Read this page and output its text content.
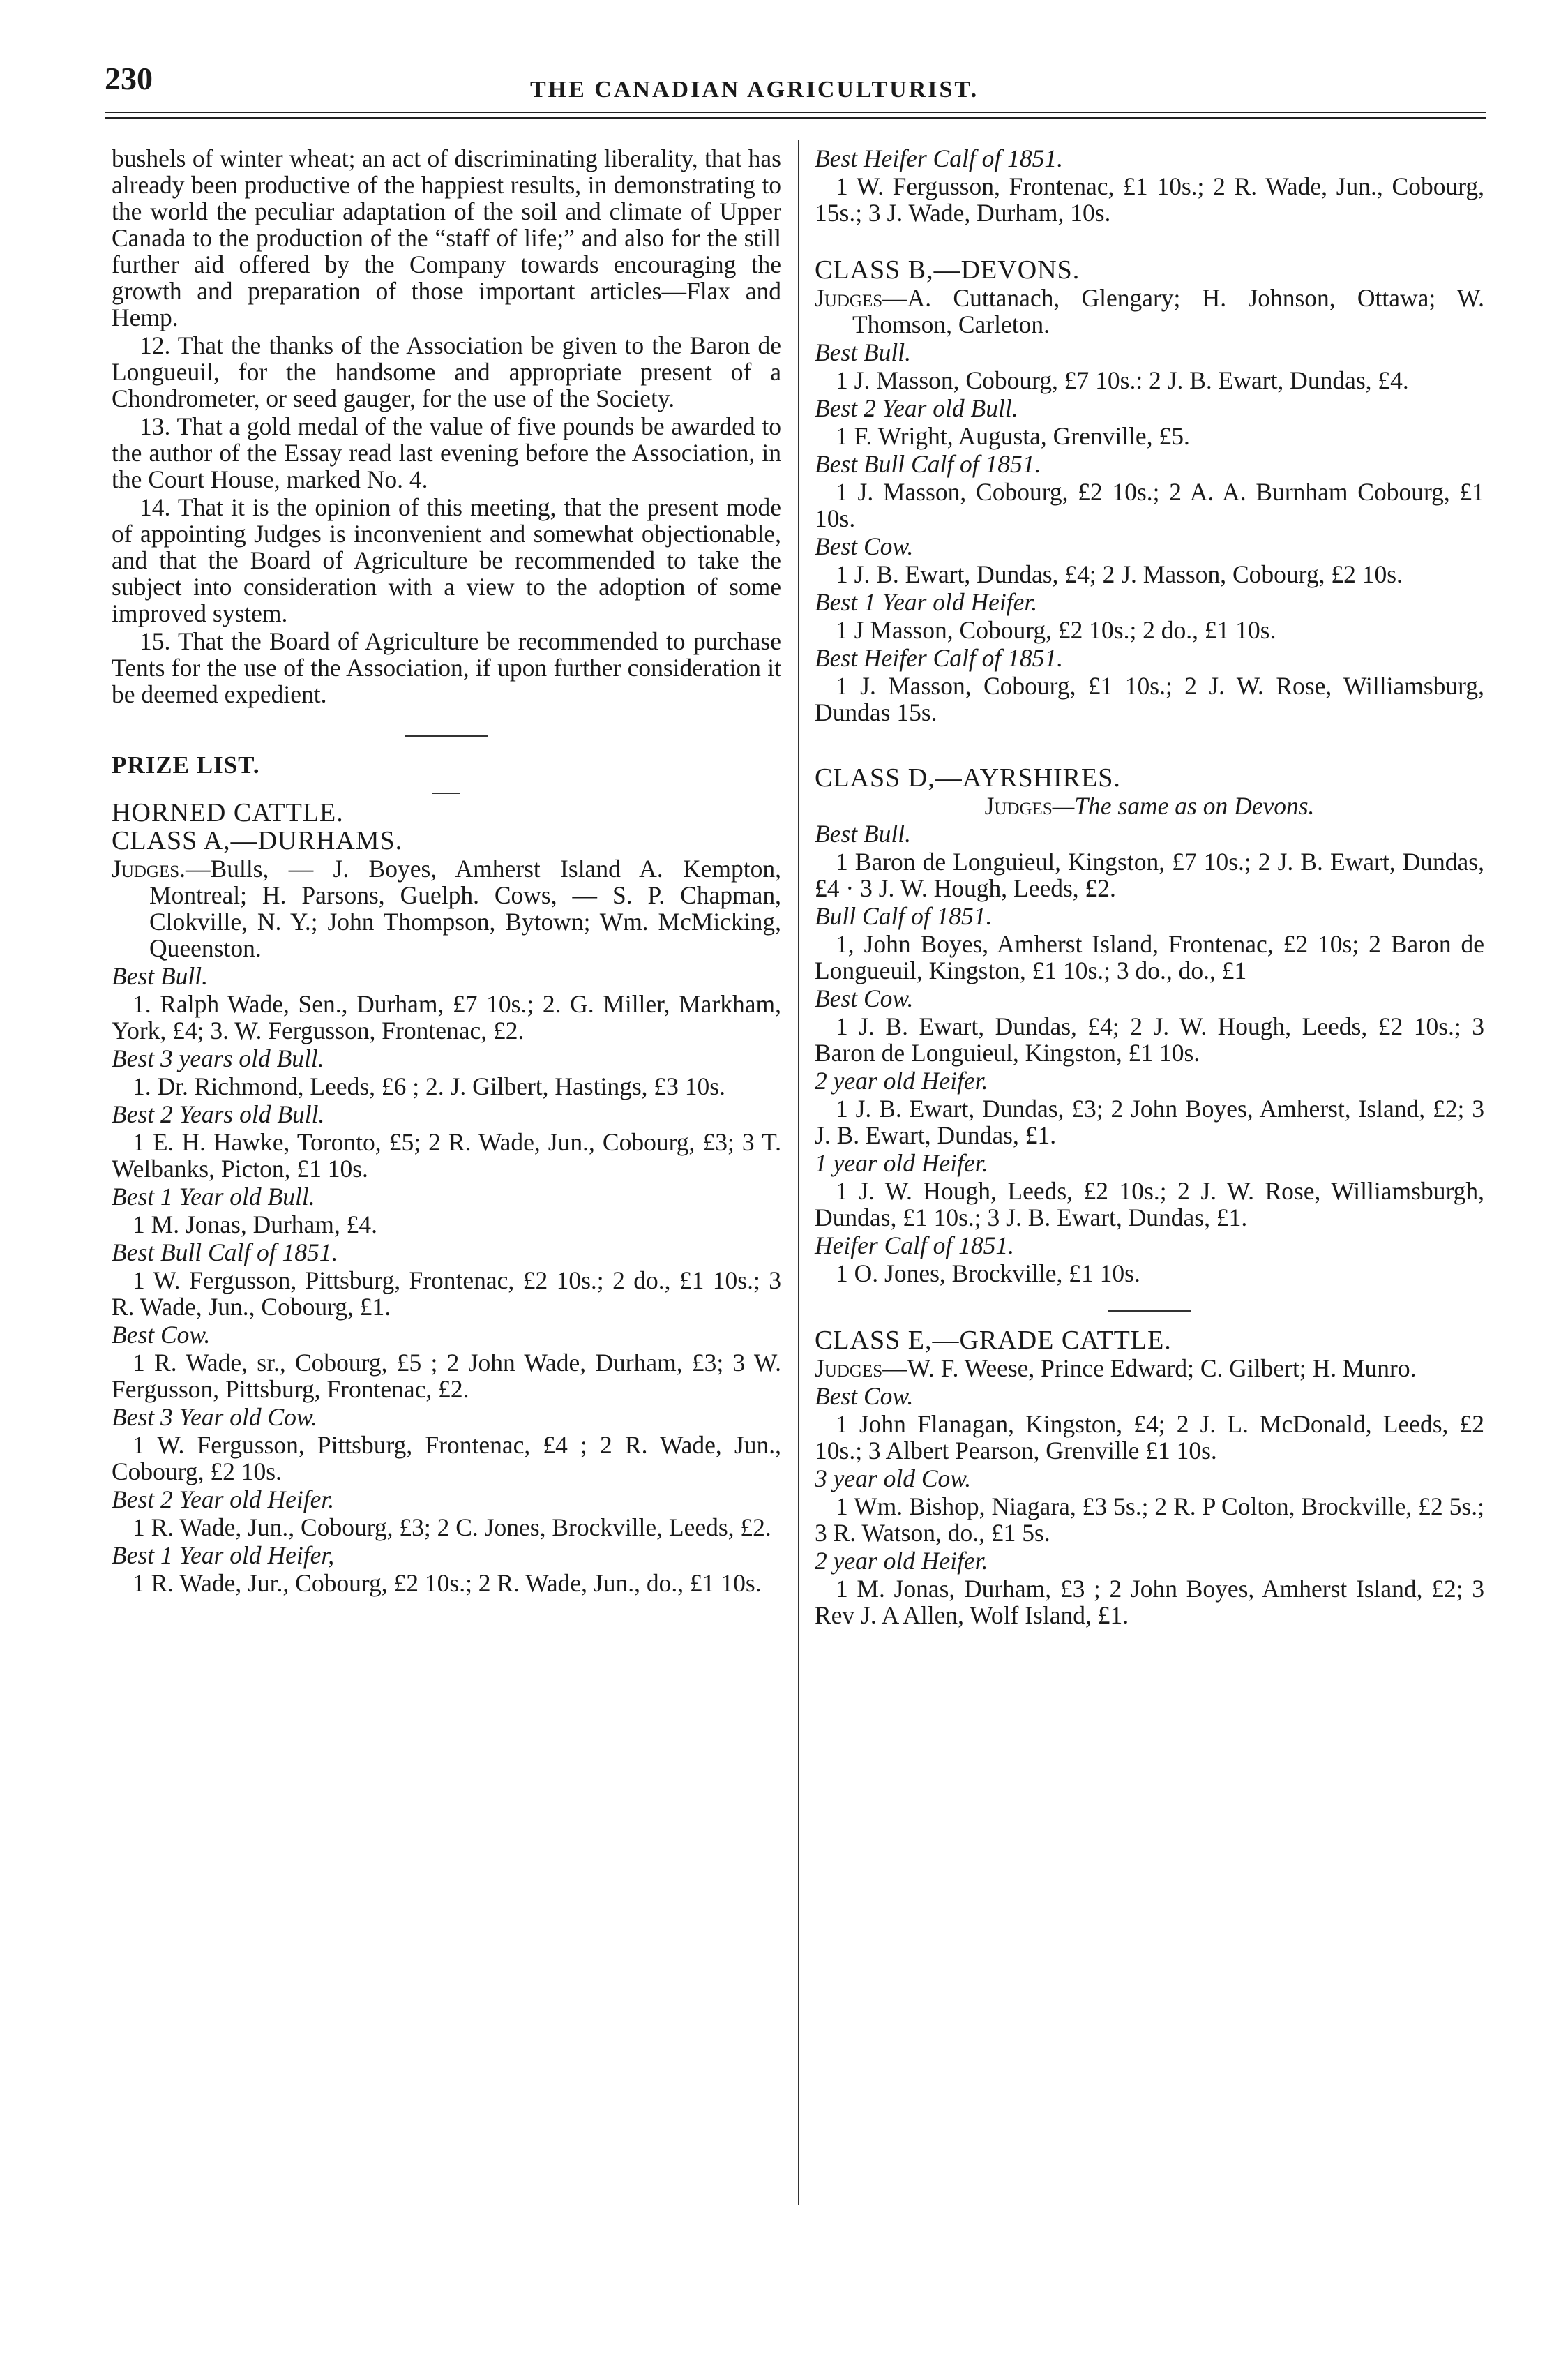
230	THE CANADIAN AGRICULTURIST.

bushels of winter wheat; an act of discriminating liberality, that has already been productive of the happiest results, in demonstrating to the world the peculiar adaptation of the soil and climate of Upper Canada to the production of the “staff of life;” and also for the still further aid offered by the Company towards encouraging the growth and preparation of those important articles—Flax and Hemp.

12. That the thanks of the Association be given to the Baron de Longueuil, for the handsome and appropriate present of a Chondrometer, or seed gauger, for the use of the Society.

13. That a gold medal of the value of five pounds be awarded to the author of the Essay read last evening before the Association, in the Court House, marked No. 4.

14. That it is the opinion of this meeting, that the present mode of appointing Judges is inconvenient and somewhat objectionable, and that the Board of Agriculture be recommended to take the subject into consideration with a view to the adoption of some improved system.

15. That the Board of Agriculture be recommended to purchase Tents for the use of the Association, if upon further consideration it be deemed expedient.

PRIZE LIST.

HORNED CATTLE.

CLASS A,—DURHAMS.

Judges.—Bulls, — J. Boyes, Amherst Island A. Kempton, Montreal; H. Parsons, Guelph. Cows, — S. P. Chapman, Clokville, N. Y.; John Thompson, Bytown; Wm. McMicking, Queenston.

Best Bull.

1. Ralph Wade, Sen., Durham, £7 10s.; 2. G. Miller, Markham, York, £4; 3. W. Fergusson, Frontenac, £2.

Best 3 years old Bull.

1. Dr. Richmond, Leeds, £6 ; 2. J. Gilbert, Hastings, £3 10s.

Best 2 Years old Bull.

1 E. H. Hawke, Toronto, £5; 2 R. Wade, Jun., Cobourg, £3; 3 T. Welbanks, Picton, £1 10s.

Best 1 Year old Bull.

1 M. Jonas, Durham, £4.

Best Bull Calf of 1851.

1 W. Fergusson, Pittsburg, Frontenac, £2 10s.; 2 do., £1 10s.; 3 R. Wade, Jun., Cobourg, £1.

Best Cow.

1 R. Wade, sr., Cobourg, £5 ; 2 John Wade, Durham, £3; 3 W. Fergusson, Pittsburg, Frontenac, £2.

Best 3 Year old Cow.

1 W. Fergusson, Pittsburg, Frontenac, £4 ; 2 R. Wade, Jun., Cobourg, £2 10s.

Best 2 Year old Heifer.

1 R. Wade, Jun., Cobourg, £3; 2 C. Jones, Brockville, Leeds, £2.

Best 1 Year old Heifer,

1 R. Wade, Jur., Cobourg, £2 10s.; 2 R. Wade, Jun., do., £1 10s.

Best Heifer Calf of 1851.

1 W. Fergusson, Frontenac, £1 10s.; 2 R. Wade, Jun., Cobourg, 15s.; 3 J. Wade, Durham, 10s.

CLASS B,—DEVONS.

Judges—A. Cuttanach, Glengary; H. Johnson, Ottawa; W. Thomson, Carleton.

Best Bull.

1 J. Masson, Cobourg, £7 10s.: 2 J. B. Ewart, Dundas, £4.

Best 2 Year old Bull.

1 F. Wright, Augusta, Grenville, £5.

Best Bull Calf of 1851.

1 J. Masson, Cobourg, £2 10s.; 2 A. A. Burnham Cobourg, £1 10s.

Best Cow.

1 J. B. Ewart, Dundas, £4; 2 J. Masson, Cobourg, £2 10s.

Best 1 Year old Heifer.

1 J Masson, Cobourg, £2 10s.; 2 do., £1 10s.

Best Heifer Calf of 1851.

1 J. Masson, Cobourg, £1 10s.; 2 J. W. Rose, Williamsburg, Dundas 15s.

CLASS D,—AYRSHIRES.

Judges—The same as on Devons.

Best Bull.

1 Baron de Longuieul, Kingston, £7 10s.; 2 J. B. Ewart, Dundas, £4 · 3 J. W. Hough, Leeds, £2.

Bull Calf of 1851.

1, John Boyes, Amherst Island, Frontenac, £2 10s; 2 Baron de Longueuil, Kingston, £1 10s.; 3 do., do., £1

Best Cow.

1 J. B. Ewart, Dundas, £4; 2 J. W. Hough, Leeds, £2 10s.; 3 Baron de Longuieul, Kingston, £1 10s.

2 year old Heifer.

1 J. B. Ewart, Dundas, £3; 2 John Boyes, Amherst, Island, £2; 3 J. B. Ewart, Dundas, £1.

1 year old Heifer.

1 J. W. Hough, Leeds, £2 10s.; 2 J. W. Rose, Williamsburgh, Dundas, £1 10s.; 3 J. B. Ewart, Dundas, £1.

Heifer Calf of 1851.

1 O. Jones, Brockville, £1 10s.

CLASS E,—GRADE CATTLE.

Judges—W. F. Weese, Prince Edward; C. Gilbert; H. Munro.

Best Cow.

1 John Flanagan, Kingston, £4; 2 J. L. McDonald, Leeds, £2 10s.; 3 Albert Pearson, Grenville £1 10s.

3 year old Cow.

1 Wm. Bishop, Niagara, £3 5s.; 2 R. P Colton, Brockville, £2 5s.; 3 R. Watson, do., £1 5s.

2 year old Heifer.

1 M. Jonas, Durham, £3 ; 2 John Boyes, Amherst Island, £2; 3 Rev J. A Allen, Wolf Island, £1.
